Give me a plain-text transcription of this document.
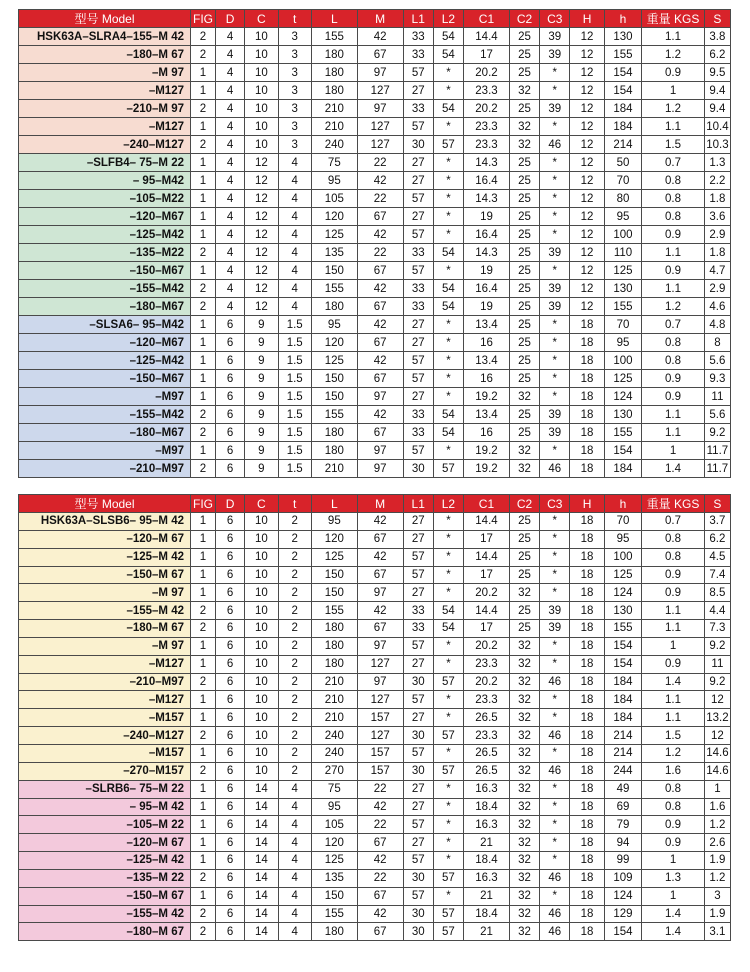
型号 Model	FIG	D	C	t	L	M	L1	L2	C1	C2	C3	H	h	重量 KGS	S
HSK63A–SLRA4–155–M 42	2	4	10	3	155	42	33	54	14.4	25	39	12	130	1.1	3.8
–180–M 67	2	4	10	3	180	67	33	54	17	25	39	12	155	1.2	6.2
–M 97	1	4	10	3	180	97	57	*	20.2	25	*	12	154	0.9	9.5
–M127	1	4	10	3	180	127	27	*	23.3	32	*	12	154	1	9.4
–210–M 97	2	4	10	3	210	97	33	54	20.2	25	39	12	184	1.2	9.4
–M127	1	4	10	3	210	127	57	*	23.3	32	*	12	184	1.1	10.4
–240–M127	2	4	10	3	240	127	30	57	23.3	32	46	12	214	1.5	10.3
–SLFB4– 75–M 22	1	4	12	4	75	22	27	*	14.3	25	*	12	50	0.7	1.3
– 95–M42	1	4	12	4	95	42	27	*	16.4	25	*	12	70	0.8	2.2
–105–M22	1	4	12	4	105	22	57	*	14.3	25	*	12	80	0.8	1.8
–120–M67	1	4	12	4	120	67	27	*	19	25	*	12	95	0.8	3.6
–125–M42	1	4	12	4	125	42	57	*	16.4	25	*	12	100	0.9	2.9
–135–M22	2	4	12	4	135	22	33	54	14.3	25	39	12	110	1.1	1.8
–150–M67	1	4	12	4	150	67	57	*	19	25	*	12	125	0.9	4.7
–155–M42	2	4	12	4	155	42	33	54	16.4	25	39	12	130	1.1	2.9
–180–M67	2	4	12	4	180	67	33	54	19	25	39	12	155	1.2	4.6
–SLSA6– 95–M42	1	6	9	1.5	95	42	27	*	13.4	25	*	18	70	0.7	4.8
–120–M67	1	6	9	1.5	120	67	27	*	16	25	*	18	95	0.8	8
–125–M42	1	6	9	1.5	125	42	57	*	13.4	25	*	18	100	0.8	5.6
–150–M67	1	6	9	1.5	150	67	57	*	16	25	*	18	125	0.9	9.3
–M97	1	6	9	1.5	150	97	27	*	19.2	32	*	18	124	0.9	11
–155–M42	2	6	9	1.5	155	42	33	54	13.4	25	39	18	130	1.1	5.6
–180–M67	2	6	9	1.5	180	67	33	54	16	25	39	18	155	1.1	9.2
–M97	1	6	9	1.5	180	97	57	*	19.2	32	*	18	154	1	11.7
–210–M97	2	6	9	1.5	210	97	30	57	19.2	32	46	18	184	1.4	11.7
型号 Model	FIG	D	C	t	L	M	L1	L2	C1	C2	C3	H	h	重量 KGS	S
HSK63A–SLSB6– 95–M 42	1	6	10	2	95	42	27	*	14.4	25	*	18	70	0.7	3.7
–120–M 67	1	6	10	2	120	67	27	*	17	25	*	18	95	0.8	6.2
–125–M 42	1	6	10	2	125	42	57	*	14.4	25	*	18	100	0.8	4.5
–150–M 67	1	6	10	2	150	67	57	*	17	25	*	18	125	0.9	7.4
–M 97	1	6	10	2	150	97	27	*	20.2	32	*	18	124	0.9	8.5
–155–M 42	2	6	10	2	155	42	33	54	14.4	25	39	18	130	1.1	4.4
–180–M 67	2	6	10	2	180	67	33	54	17	25	39	18	155	1.1	7.3
–M 97	1	6	10	2	180	97	57	*	20.2	32	*	18	154	1	9.2
–M127	1	6	10	2	180	127	27	*	23.3	32	*	18	154	0.9	11
–210–M97	2	6	10	2	210	97	30	57	20.2	32	46	18	184	1.4	9.2
–M127	1	6	10	2	210	127	57	*	23.3	32	*	18	184	1.1	12
–M157	1	6	10	2	210	157	27	*	26.5	32	*	18	184	1.1	13.2
–240–M127	2	6	10	2	240	127	30	57	23.3	32	46	18	214	1.5	12
–M157	1	6	10	2	240	157	57	*	26.5	32	*	18	214	1.2	14.6
–270–M157	2	6	10	2	270	157	30	57	26.5	32	46	18	244	1.6	14.6
–SLRB6– 75–M 22	1	6	14	4	75	22	27	*	16.3	32	*	18	49	0.8	1
– 95–M 42	1	6	14	4	95	42	27	*	18.4	32	*	18	69	0.8	1.6
–105–M 22	1	6	14	4	105	22	57	*	16.3	32	*	18	79	0.9	1.2
–120–M 67	1	6	14	4	120	67	27	*	21	32	*	18	94	0.9	2.6
–125–M 42	1	6	14	4	125	42	57	*	18.4	32	*	18	99	1	1.9
–135–M 22	2	6	14	4	135	22	30	57	16.3	32	46	18	109	1.3	1.2
–150–M 67	1	6	14	4	150	67	57	*	21	32	*	18	124	1	3
–155–M 42	2	6	14	4	155	42	30	57	18.4	32	46	18	129	1.4	1.9
–180–M 67	2	6	14	4	180	67	30	57	21	32	46	18	154	1.4	3.1
